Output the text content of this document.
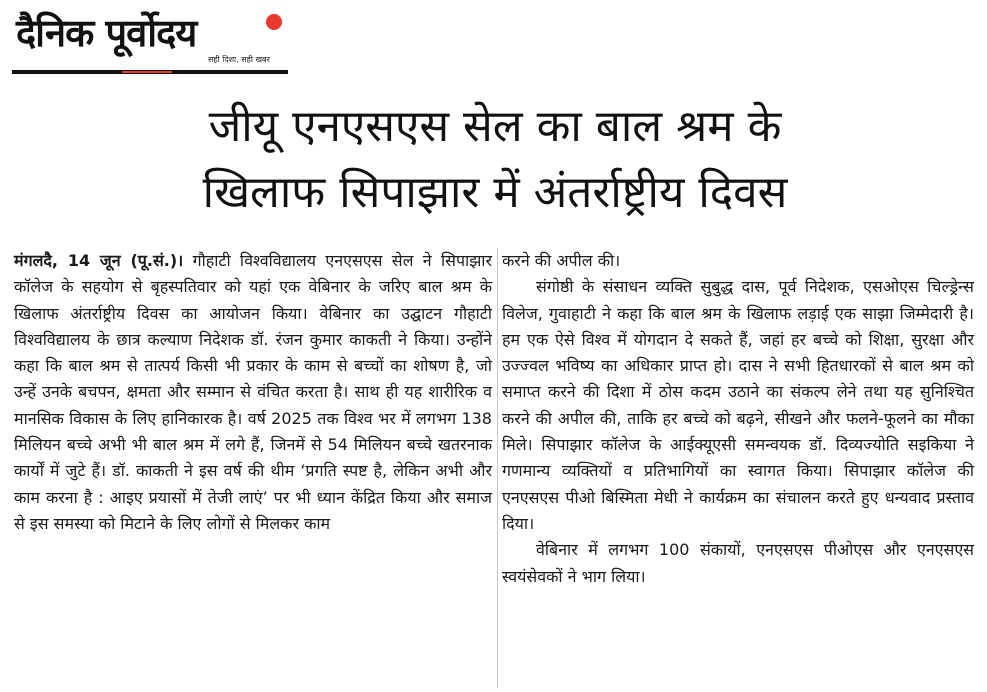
दैनिक पूर्वोदय
सही दिशा, सही खबर
जीयू एनएसएस सेल का बाल श्रम के
खिलाफ सिपाझार में अंतर्राष्ट्रीय दिवस

मंगलदै, 14 जून (पू.सं.)। गौहाटी विश्वविद्यालय एनएसएस सेल ने सिपाझार कॉलेज के सहयोग से बृहस्पतिवार को यहां एक वेबिनार के जरिए बाल श्रम के खिलाफ अंतर्राष्ट्रीय दिवस का आयोजन किया। वेबिनार का उद्घाटन गौहाटी विश्वविद्यालय के छात्र कल्याण निदेशक डॉ. रंजन कुमार काकती ने किया। उन्होंने कहा कि बाल श्रम से तात्पर्य किसी भी प्रकार के काम से बच्चों का शोषण है, जो उन्हें उनके बचपन, क्षमता और सम्मान से वंचित करता है। साथ ही यह शारीरिक व मानसिक विकास के लिए हानिकारक है। वर्ष 2025 तक विश्व भर में लगभग 138 मिलियन बच्चे अभी भी बाल श्रम में लगे हैं, जिनमें से 54 मिलियन बच्चे खतरनाक कार्यों में जुटे हैं। डॉ. काकती ने इस वर्ष की थीम ‘प्रगति स्पष्ट है, लेकिन अभी और काम करना है : आइए प्रयासों में तेजी लाएं’ पर भी ध्यान केंद्रित किया और समाज से इस समस्या को मिटाने के लिए लोगों से मिलकर काम

करने की अपील की।

संगोष्ठी के संसाधन व्यक्ति सुबुद्ध दास, पूर्व निदेशक, एसओएस चिल्ड्रेन्स विलेज, गुवाहाटी ने कहा कि बाल श्रम के खिलाफ लड़ाई एक साझा जिम्मेदारी है। हम एक ऐसे विश्व में योगदान दे सकते हैं, जहां हर बच्चे को शिक्षा, सुरक्षा और उज्ज्वल भविष्य का अधिकार प्राप्त हो। दास ने सभी हितधारकों से बाल श्रम को समाप्त करने की दिशा में ठोस कदम उठाने का संकल्प लेने तथा यह सुनिश्चित करने की अपील की, ताकि हर बच्चे को बढ़ने, सीखने और फलने-फूलने का मौका मिले। सिपाझार कॉलेज के आईक्यूएसी समन्वयक डॉ. दिव्यज्योति सइकिया ने गणमान्य व्यक्तियों व प्रतिभागियों का स्वागत किया। सिपाझार कॉलेज की एनएसएस पीओ बिस्मिता मेधी ने कार्यक्रम का संचालन करते हुए धन्यवाद प्रस्ताव दिया।

वेबिनार में लगभग 100 संकायों, एनएसएस पीओएस और एनएसएस स्वयंसेवकों ने भाग लिया।
